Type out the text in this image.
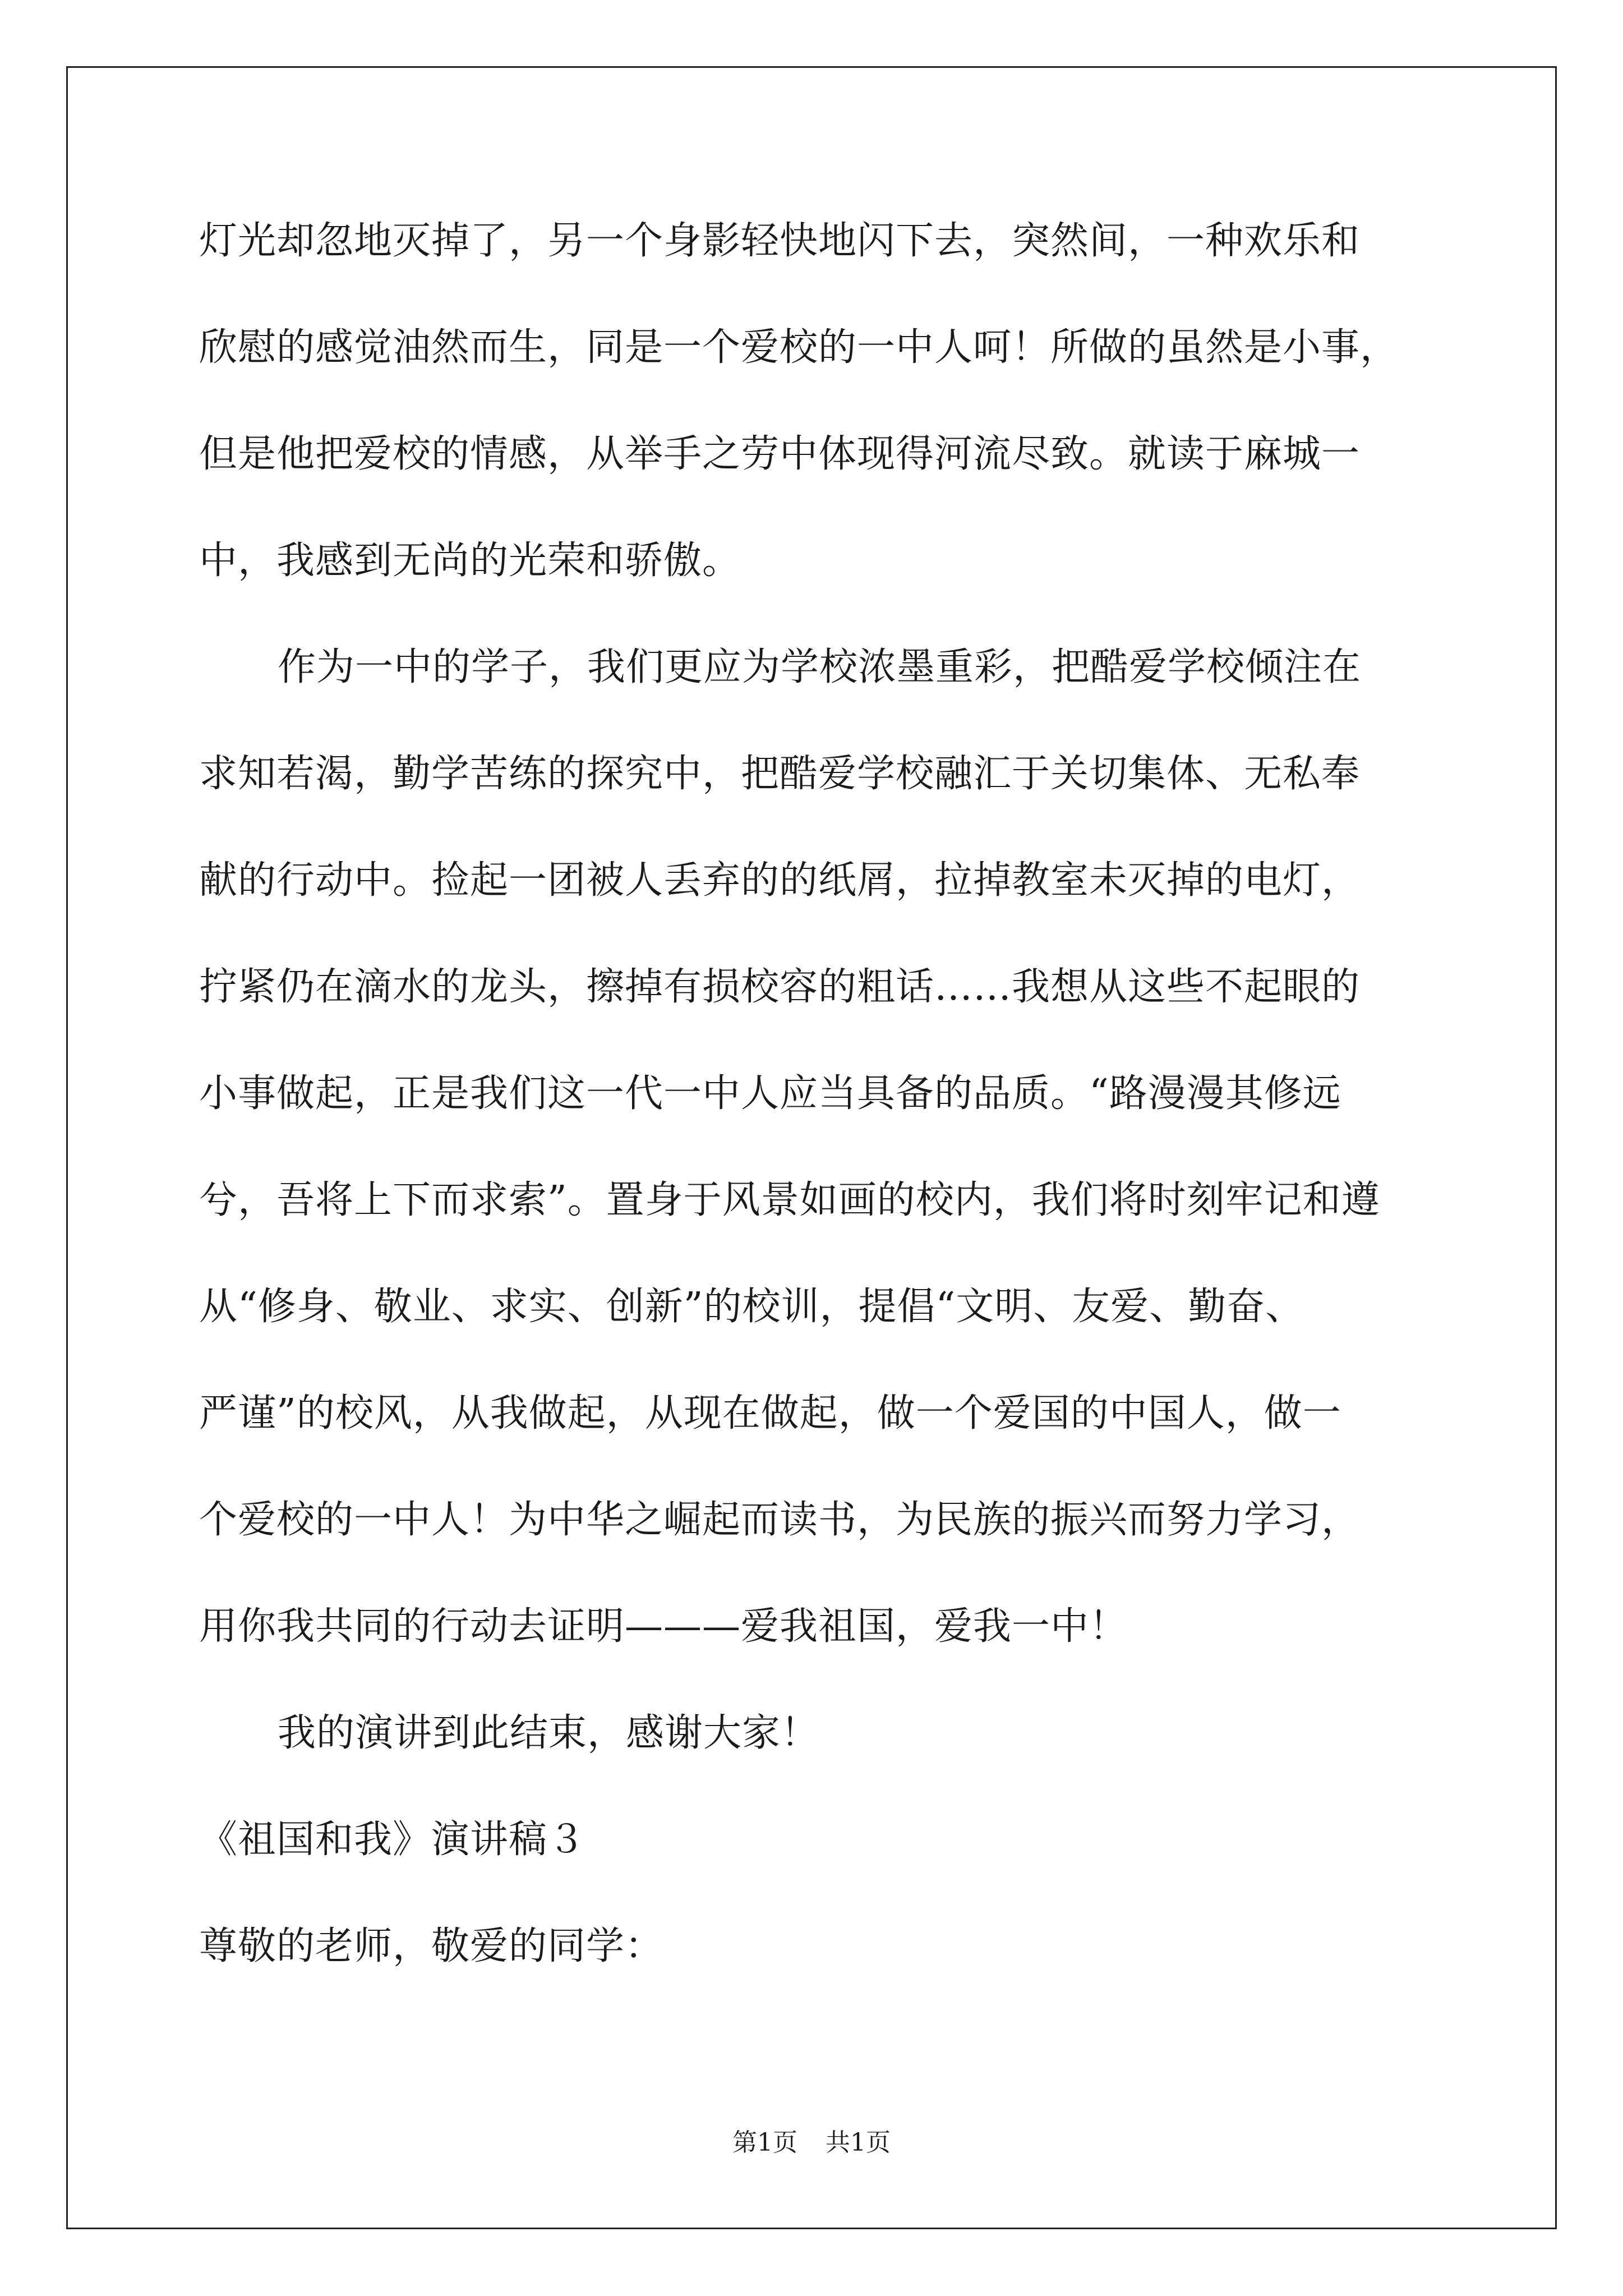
灯光却忽地灭掉了，另一个身影轻快地闪下去，突然间，一种欢乐和
欣慰的感觉油然而生，同是一个爱校的一中人呵！所做的虽然是小事，
但是他把爱校的情感，从举手之劳中体现得河流尽致。就读于麻城一
中，我感到无尚的光荣和骄傲。
作为一中的学子，我们更应为学校浓墨重彩，把酷爱学校倾注在
求知若渴，勤学苦练的探究中，把酷爱学校融汇于关切集体、无私奉
献的行动中。捡起一团被人丢弃的的纸屑，拉掉教室未灭掉的电灯，
拧紧仍在滴水的龙头，擦掉有损校容的粗话……我想从这些不起眼的
小事做起，正是我们这一代一中人应当具备的品质。“路漫漫其修远
兮，吾将上下而求索”。置身于风景如画的校内，我们将时刻牢记和遵
从“修身、敬业、求实、创新”的校训，提倡“文明、友爱、勤奋、
严谨”的校风，从我做起，从现在做起，做一个爱国的中国人，做一
个爱校的一中人！为中华之崛起而读书，为民族的振兴而努力学习，
用你我共同的行动去证明———爱我祖国，爱我一中！
我的演讲到此结束，感谢大家！
《祖国和我》演讲稿３
尊敬的老师，敬爱的同学：
第1页 共1页
